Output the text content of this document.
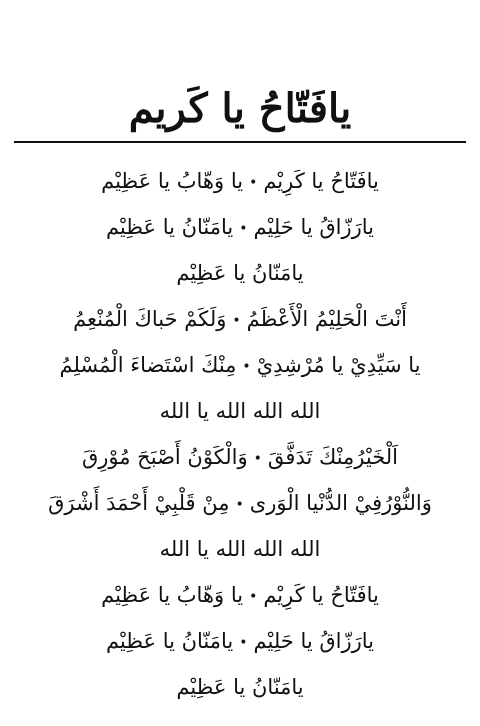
يافَتّاحُ يا كَريم
يافَتّاحُ يا كَرِيْم•يا وَهّابُ يا عَظِيْم
يارَزّاقُ يا حَلِيْم•يامَنّانُ يا عَظِيْم
يامَنّانُ يا عَظِيْم
أَنْتَ الْحَلِيْمُ الْأَعْظَمُ•وَلَكَمْ حَباكَ الْمُنْعِمُ
يا سَيِّدِيْ يا مُرْشِدِيْ•مِنْكَ اسْتَضاءَ الْمُسْلِمُ
الله الله الله يا الله
اَلْخَيْرُمِنْكَ تَدَفَّقَ•وَالْكَوْنُ أَصْبَحَ مُوْرِقَ
وَالنُّوْرُفِيْ الدُّنْيا الْوَرى•مِنْ قَلْبِيْ أَحْمَدَ أَشْرَقَ
الله الله الله يا الله
يافَتّاحُ يا كَرِيْم•يا وَهّابُ يا عَظِيْم
يارَزّاقُ يا حَلِيْم•يامَنّانُ يا عَظِيْم
يامَنّانُ يا عَظِيْم
